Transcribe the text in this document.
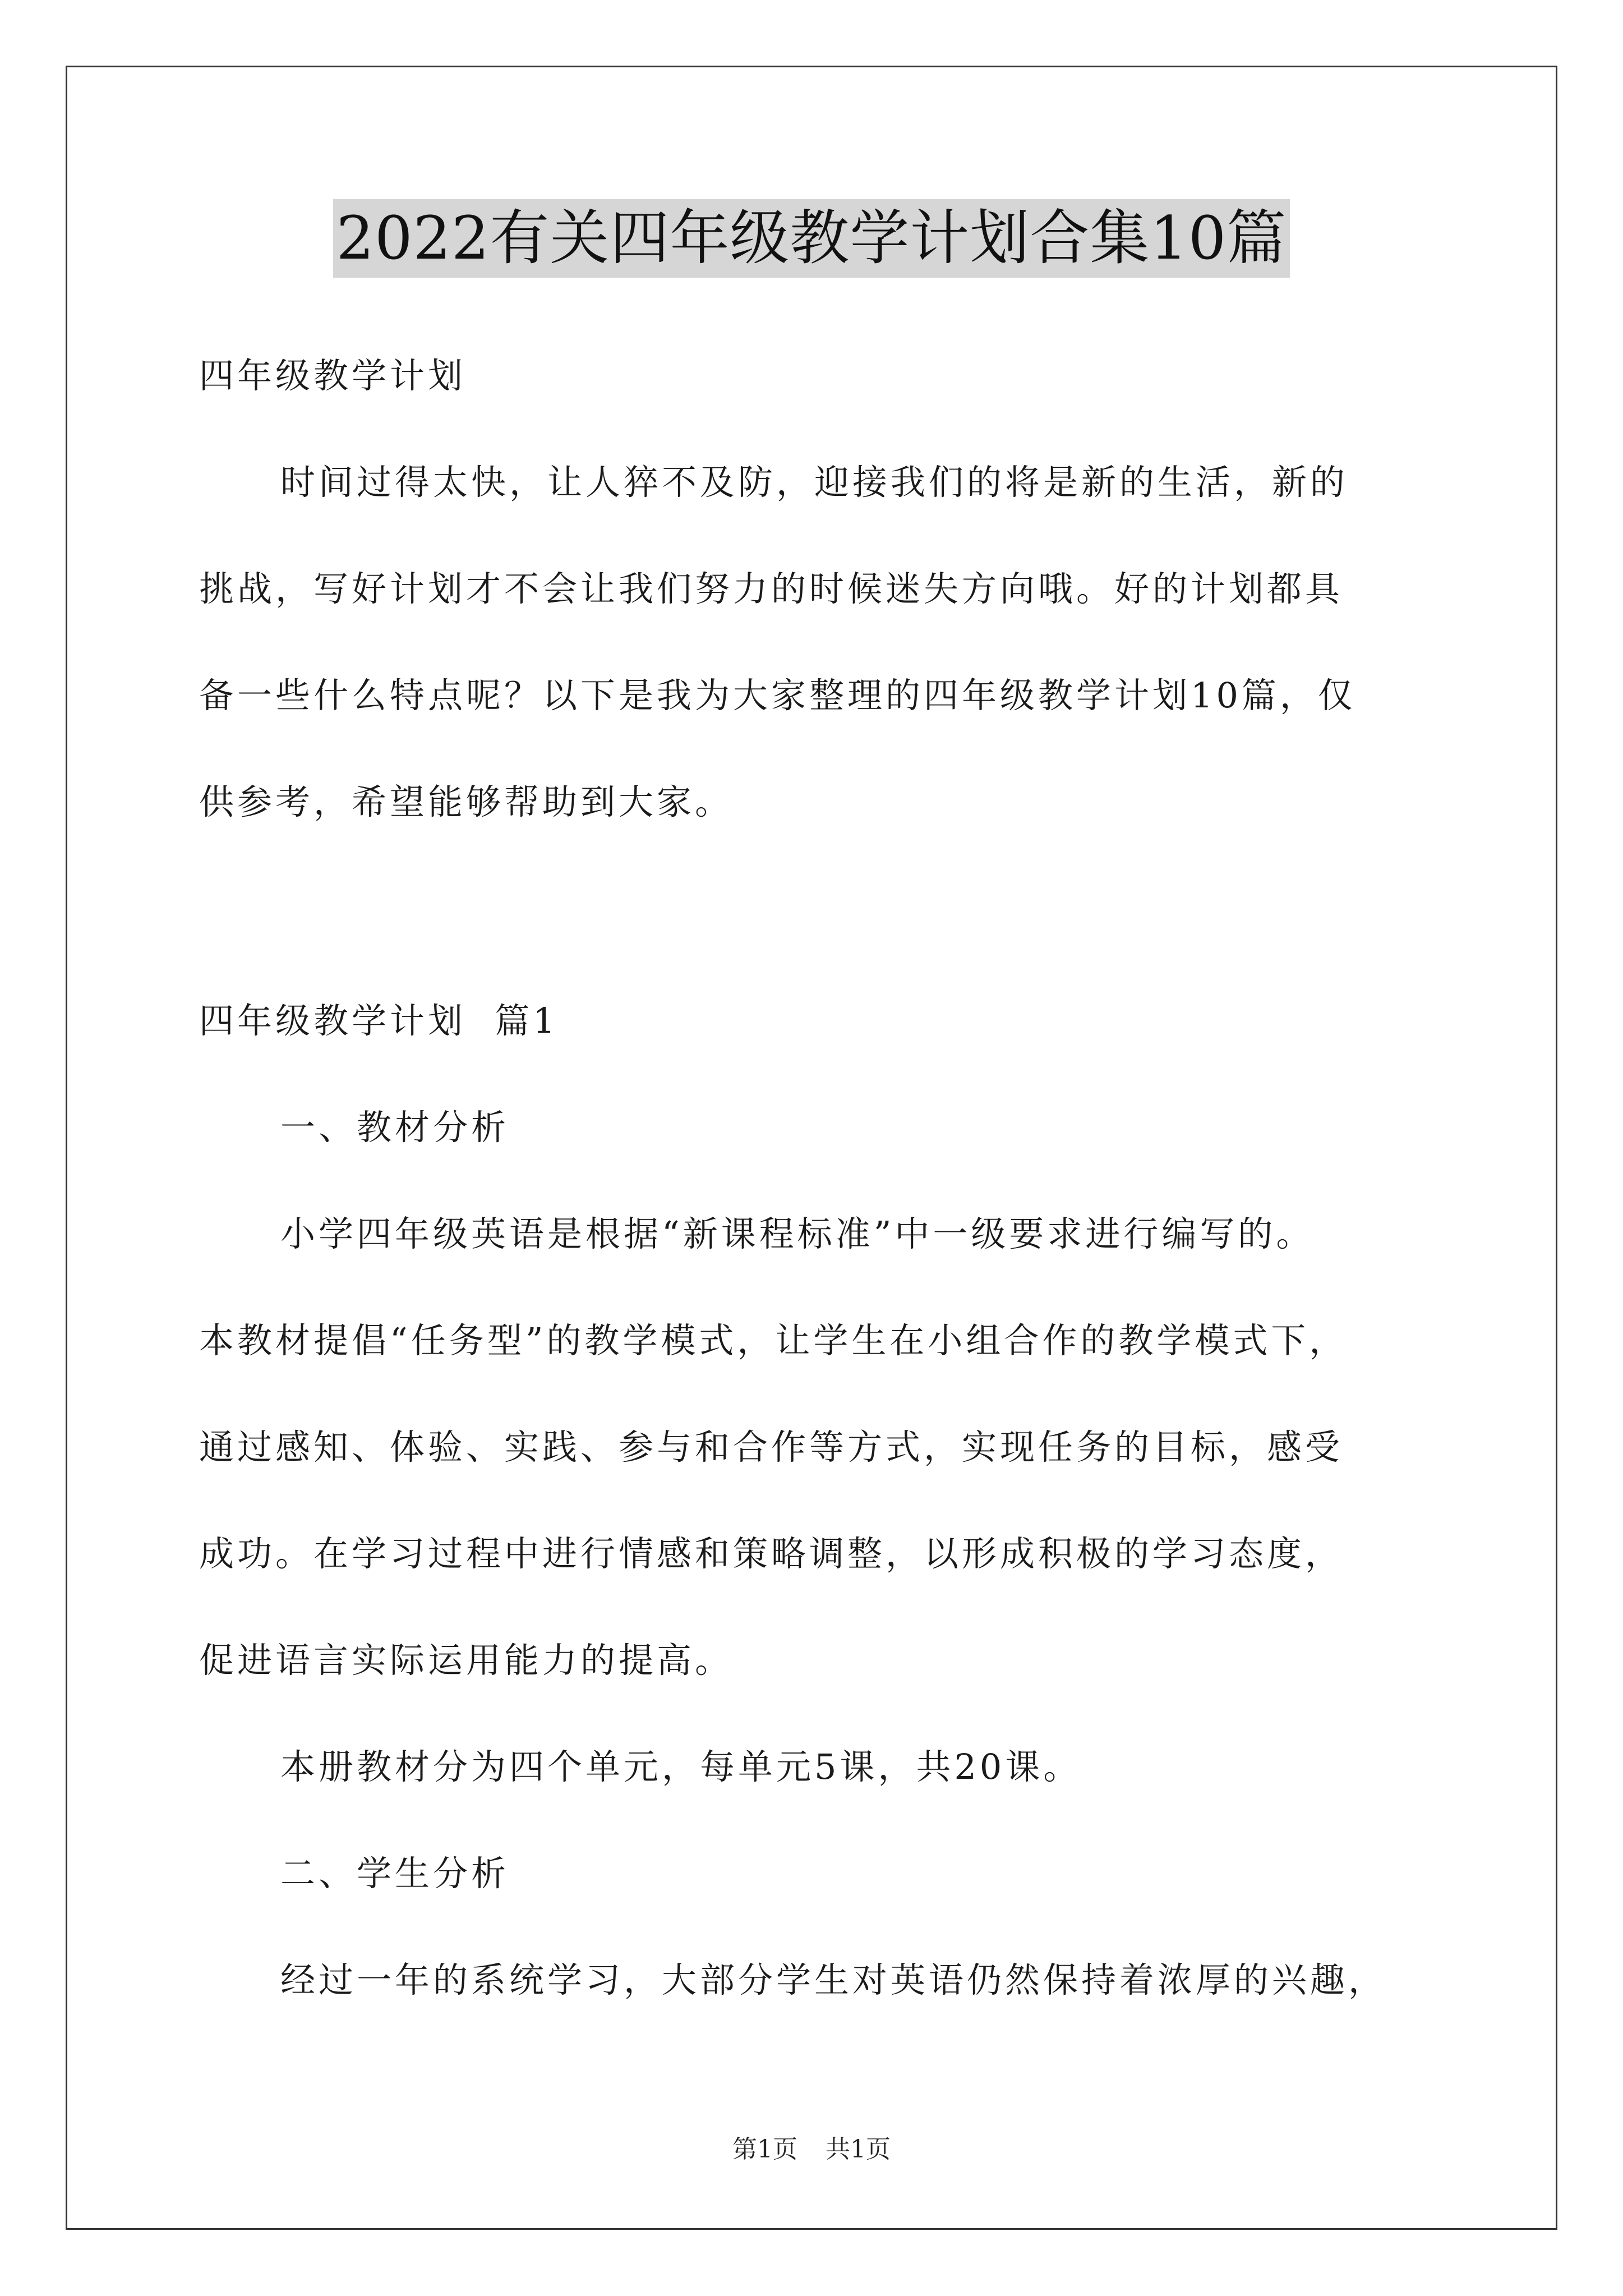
2022有关四年级教学计划合集10篇

四年级教学计划

时间过得太快，让人猝不及防，迎接我们的将是新的生活，新的
挑战，写好计划才不会让我们努力的时候迷失方向哦。好的计划都具
备一些什么特点呢？以下是我为大家整理的四年级教学计划10篇，仅
供参考，希望能够帮助到大家。

四年级教学计划  篇1

一、教材分析

小学四年级英语是根据“新课程标准”中一级要求进行编写的。
本教材提倡“任务型”的教学模式，让学生在小组合作的教学模式下，
通过感知、体验、实践、参与和合作等方式，实现任务的目标，感受
成功。在学习过程中进行情感和策略调整，以形成积极的学习态度，
促进语言实际运用能力的提高。

本册教材分为四个单元，每单元5课，共20课。

二、学生分析

经过一年的系统学习，大部分学生对英语仍然保持着浓厚的兴趣，

第1页 共1页
